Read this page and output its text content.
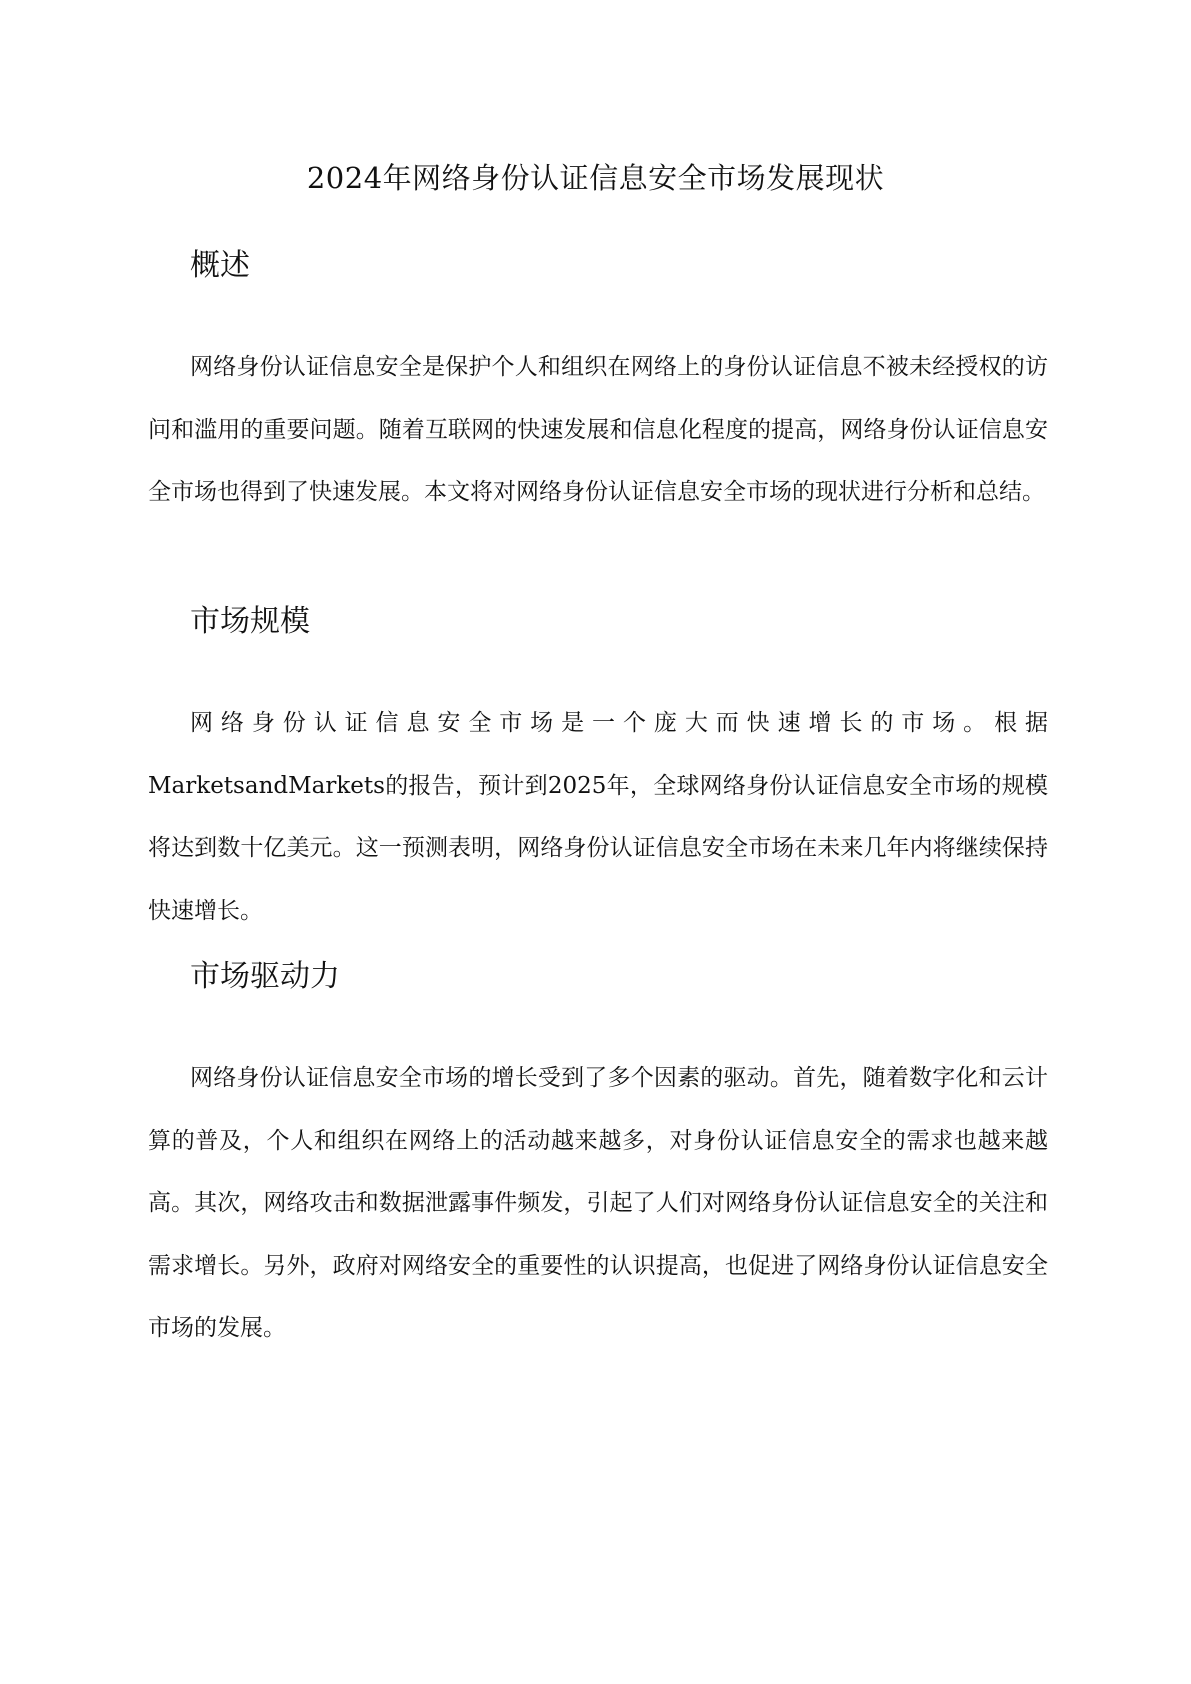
2024年网络身份认证信息安全市场发展现状
概述

网络身份认证信息安全是保护个人和组织在网络上的身份认证信息不被未经授权的访问和滥用的重要问题。随着互联网的快速发展和信息化程度的提高，网络身份认证信息安全市场也得到了快速发展。本文将对网络身份认证信息安全市场的现状进行分析和总结。

市场规模

网络身份认证信息安全市场是一个庞大而快速增长的市场。根据MarketsandMarkets的报告，预计到2025年，全球网络身份认证信息安全市场的规模将达到数十亿美元。这一预测表明，网络身份认证信息安全市场在未来几年内将继续保持快速增长。

市场驱动力

网络身份认证信息安全市场的增长受到了多个因素的驱动。首先，随着数字化和云计算的普及，个人和组织在网络上的活动越来越多，对身份认证信息安全的需求也越来越高。其次，网络攻击和数据泄露事件频发，引起了人们对网络身份认证信息安全的关注和需求增长。另外，政府对网络安全的重要性的认识提高，也促进了网络身份认证信息安全市场的发展。
